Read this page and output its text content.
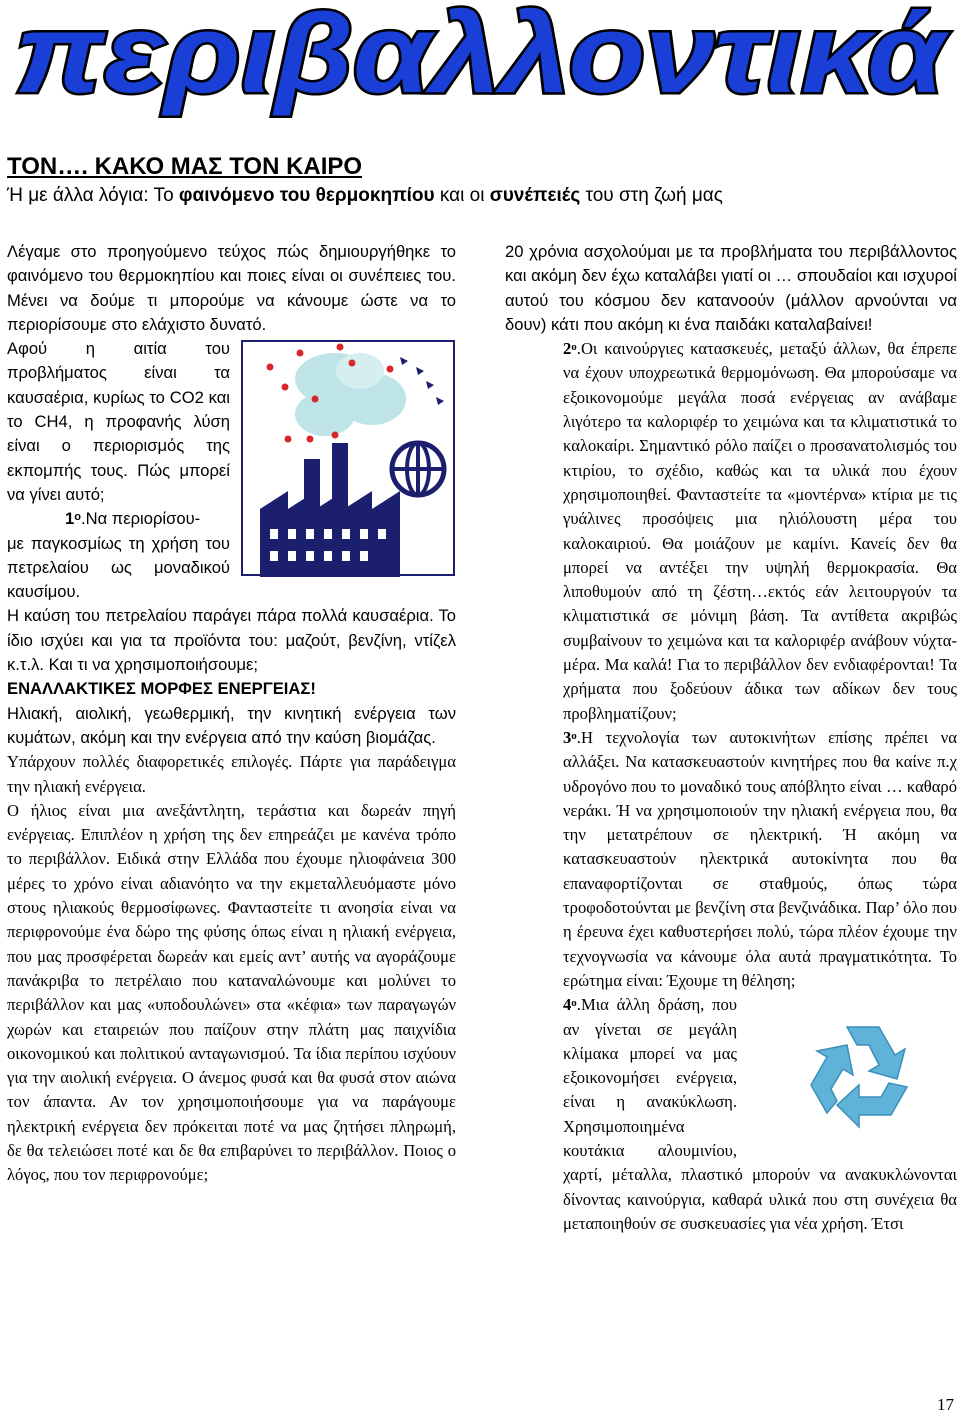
περιβαλλοντικά

ΤΟΝ…. ΚΑΚΟ ΜΑΣ ΤΟΝ ΚΑΙΡΟ

Ή με άλλα λόγια: Το φαινόμενο του θερμοκηπίου και οι συνέπειές του στη ζωή μας

Λέγαμε στο προηγούμενο τεύχος πώς δημιουργήθηκε το φαινόμενο του θερμοκηπίου και ποιες είναι οι συνέπειες του. Μένει να δούμε τι μπορούμε να κάνουμε ώστε να το περιορίσουμε στο ελάχιστο δυνατό.

Αφού η αιτία του προβλήματος είναι τα καυσαέρια, κυρίως το CO2 και το CH4, η προφανής λύση είναι ο περιορισμός της εκπομπής τους. Πώς μπορεί να γίνει αυτό;

$1^o.N\alpha$ περιορίσου-

με παγκοσμίως τη χρήση του πετρελαίου ως μοναδικού καυσίμου.

Η καύση του πετρελαίου παράγει πάρα πολλά καυσαέρια. Το ίδιο ισχύει και για τα προϊόντα του: μαζούτ, βενζίνη, ντίζελ κ.τ.λ. Και τι να χρησιμοποιήσουμε;

ΕΝΑΛΛΑΚΤΙΚΕΣ ΜΟΡΦΕΣ ΕΝΕΡΓΕΙΑΣ!

Ηλιακή, αιολική, γεωθερμική, την κινητική ενέργεια των κυμάτων, ακόμη και την ενέργεια από την καύση βιομάζας.

Υπάρχουν πολλές διαφορετικές επιλογές. Πάρτε για παράδειγμα την ηλιακή ενέργεια.

Ο ήλιος είναι μια ανεξάντλητη, τεράστια και δωρεάν πηγή ενέργειας. Επιπλέον η χρήση της δεν επηρεάζει με κανένα τρόπο το περιβάλλον. Ειδικά στην Ελλάδα που έχουμε ηλιοφάνεια 300 μέρες το χρόνο είναι αδιανόητο να την εκμεταλλευόμαστε μόνο στους ηλιακούς θερμοσίφωνες. Φανταστείτε τι ανοησία είναι να περιφρονούμε ένα δώρο της φύσης όπως είναι η ηλιακή ενέργεια, που μας προσφέρεται δωρεάν και εμείς αντ’ αυτής να αγοράζουμε πανάκριβα το πετρέλαιο που καταναλώνουμε και μολύνει το περιβάλλον και μας «υποδουλώνει» στα «κέφια» των παραγωγών χωρών και εταιρειών που παίζουν στην πλάτη μας παιχνίδια οικονομικού και πολιτικού ανταγωνισμού. Τα ίδια περίπου ισχύουν για την αιολική ενέργεια. Ο άνεμος φυσά και θα φυσά στον αιώνα τον άπαντα. Αν τον χρησιμοποιήσουμε για να παράγουμε ηλεκτρική ενέργεια δεν πρόκειται ποτέ να μας ζητήσει πληρωμή, δε θα τελειώσει ποτέ και δε θα επιβαρύνει το περιβάλλον. Ποιος ο λόγος, που τον περιφρονούμε;

20 χρόνια ασχολούμαι με τα προβλήματα του περιβάλλοντος και ακόμη δεν έχω καταλάβει γιατί οι … σπουδαίοι και ισχυροί αυτού του κόσμου δεν κατανοούν (μάλλον αρνούνται να δουν) κάτι που ακόμη κι ένα παιδάκι καταλαβαίνει!

$2^o.O\iota$ καινούργιες κατασκευές, μεταξύ άλλων, θα έπρεπε να έχουν υποχρεωτικά θερμομόνωση. Θα μπορούσαμε να εξοικονομούμε μεγάλα ποσά ενέργειας αν ανάβαμε λιγότερο τα καλοριφέρ το χειμώνα και τα κλιματιστικά το καλοκαίρι. Σημαντικό ρόλο παίζει ο προσανατολισμός του κτιρίου, το σχέδιο, καθώς και τα υλικά που έχουν χρησιμοποιηθεί. Φανταστείτε τα «μοντέρνα» κτίρια με τις γυάλινες προσόψεις μια ηλιόλουστη μέρα του καλοκαιριού. Θα μοιάζουν με καμίνι. Κανείς δεν θα μπορεί να αντέξει την υψηλή θερμοκρασία. Θα λιποθυμούν από τη ζέστη…εκτός εάν λειτουργούν τα κλιματιστικά σε μόνιμη βάση. Τα αντίθετα ακριβώς συμβαίνουν το χειμώνα και τα καλοριφέρ ανάβουν νύχτα-μέρα. Μα καλά! Για το περιβάλλον δεν ενδιαφέρονται! Τα χρήματα που ξοδεύουν άδικα των αδίκων δεν τους προβληματίζουν;

$3^o.H$ τεχνολογία των αυτοκινήτων επίσης πρέπει να αλλάξει. Να κατασκευαστούν κινητήρες που θα καίνε π.χ υδρογόνο που το μοναδικό τους απόβλητο είναι … καθαρό νεράκι. Ή να χρησιμοποιούν την ηλιακή ενέργεια που, θα την μετατρέπουν σε ηλεκτρική. Ή ακόμη να κατασκευαστούν ηλεκτρικά αυτοκίνητα που θα επαναφορτίζονται σε σταθμούς, όπως τώρα τροφοδοτούνται με βενζίνη στα βενζινάδικα. Παρ’ όλο που η έρευνα έχει καθυστερήσει πολύ, τώρα πλέον έχουμε την τεχνογνωσία να κάνουμε όλα αυτά πραγματικότητα. Το ερώτημα είναι: Έχουμε τη θέληση;

$4^o.M\iota\alpha$ άλλη δράση, που αν γίνεται σε μεγάλη κλίμακα μπορεί να μας εξοικονομήσει ενέργεια, είναι η ανακύκλωση. Χρησιμοποιημένα κουτάκια αλουμινίου, χαρτί, μέταλλα, πλαστικό μπορούν να ανακυκλώνονται δίνοντας καινούργια, καθαρά υλικά που στη συνέχεια θα μεταποιηθούν σε συσκευασίες για νέα χρήση. Έτσι

17
